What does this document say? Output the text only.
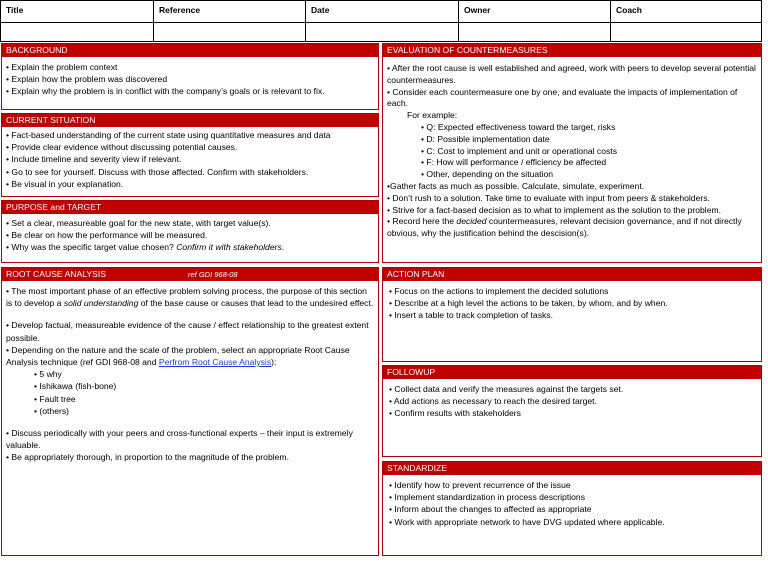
Title	Reference	Date	Owner	Coach
BACKGROUND

• Explain the problem context

• Explain how the problem was discovered

• Explain why the problem is in conflict with the company’s goals or is relevant to fix.

CURRENT SITUATION

• Fact-based understanding of the current state using quantitative measures and data

• Provide clear evidence without discussing potential causes.

• Include timeline and severity view if relevant.

• Go to see for yourself. Discuss with those affected. Confirm with stakeholders.

• Be visual in your explanation.

PURPOSE and TARGET

• Set a clear, measureable goal for the new state, with target value(s).

• Be clear on how the performance will be measured.

• Why was the specific target value chosen? Confirm it with stakeholders.

ROOT CAUSE ANALYSIS	ref GDI 968-08

• The most important phase of an effective problem solving process, the purpose of this section is to develop a solid understanding of the base cause or causes that lead to the undesired effect.

• Develop factual, measureable evidence of the cause / effect relationship to the greatest extent possible.

• Depending on the nature and the scale of the problem, select an appropriate Root Cause Analysis technique (ref GDI 968-08 and Perfrom Root Cause Analysis):

• 5 why

• Ishikawa (fish-bone)

• Fault tree

• (others)

• Discuss periodically with your peers and cross-functional experts – their input is extremely valuable.

• Be appropriately thorough, in proportion to the magnitude of the problem.

EVALUATION OF COUNTERMEASURES

• After the root cause is well established and agreed, work with peers to develop several potential countermeasures.

• Consider each countermeasure one by one, and evaluate the impacts of implementation of each.

For example:

• Q: Expected effectiveness toward the target, risks

• D: Possible implementation date

• C: Cost to implement and unit or operational costs

• F: How will performance / efficiency be affected

• Other, depending on the situation

•Gather facts as much as possible. Calculate, simulate, experiment.

• Don’t rush to a solution. Take time to evaluate with input from peers & stakeholders.

• Strive for a fact-based decision as to what to implement as the solution to the problem.

• Record here the decided countermeasures, relevant decision governance, and if not directly obvious, why the justification behind the descision(s).

ACTION PLAN

• Focus on the actions to implement the decided solutions

• Describe at a high level the actions to be taken, by whom, and by when.

• Insert a table to track completion of tasks.

FOLLOWUP

• Collect data and verify the measures against the targets set.

• Add actions as necessary to reach the desired target.

• Confirm results with stakeholders

STANDARDIZE

• Identify how to prevent recurrence of the issue

• Implement standardization in process descriptions

• Inform about the changes to affected as appropriate

• Work with appropriate network to have DVG updated where applicable.
